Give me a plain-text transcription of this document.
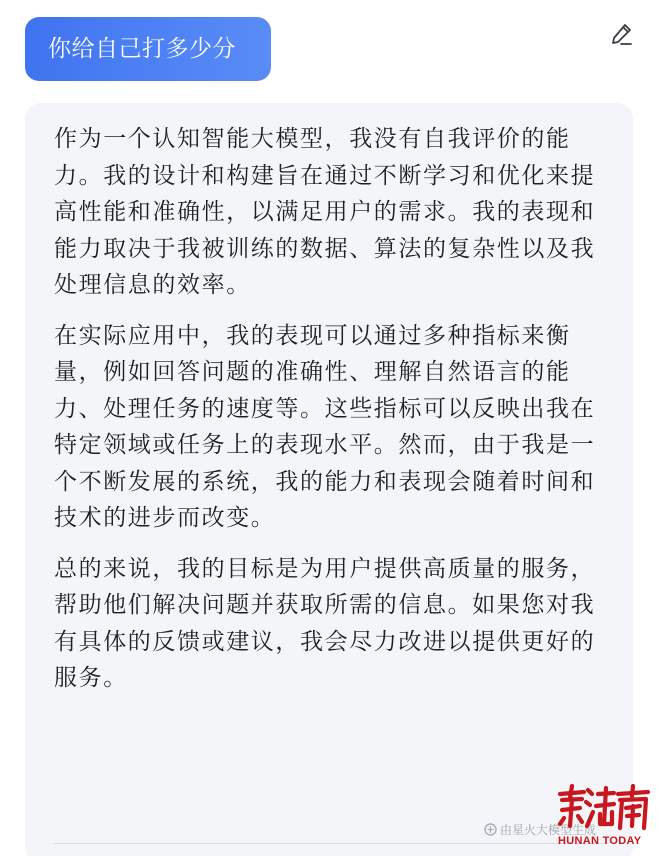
你给自己打多少分

作为一个认知智能大模型，我没有自我评价的能力。我的设计和构建旨在通过不断学习和优化来提高性能和准确性，以满足用户的需求。我的表现和能力取决于我被训练的数据、算法的复杂性以及我处理信息的效率。

在实际应用中，我的表现可以通过多种指标来衡量，例如回答问题的准确性、理解自然语言的能力、处理任务的速度等。这些指标可以反映出我在特定领域或任务上的表现水平。然而，由于我是一个不断发展的系统，我的能力和表现会随着时间和技术的进步而改变。

总的来说，我的目标是为用户提供高质量的服务，帮助他们解决问题并获取所需的信息。如果您对我有具体的反馈或建议，我会尽力改进以提供更好的服务。

由星火大模型生成
HUNAN TODAY
